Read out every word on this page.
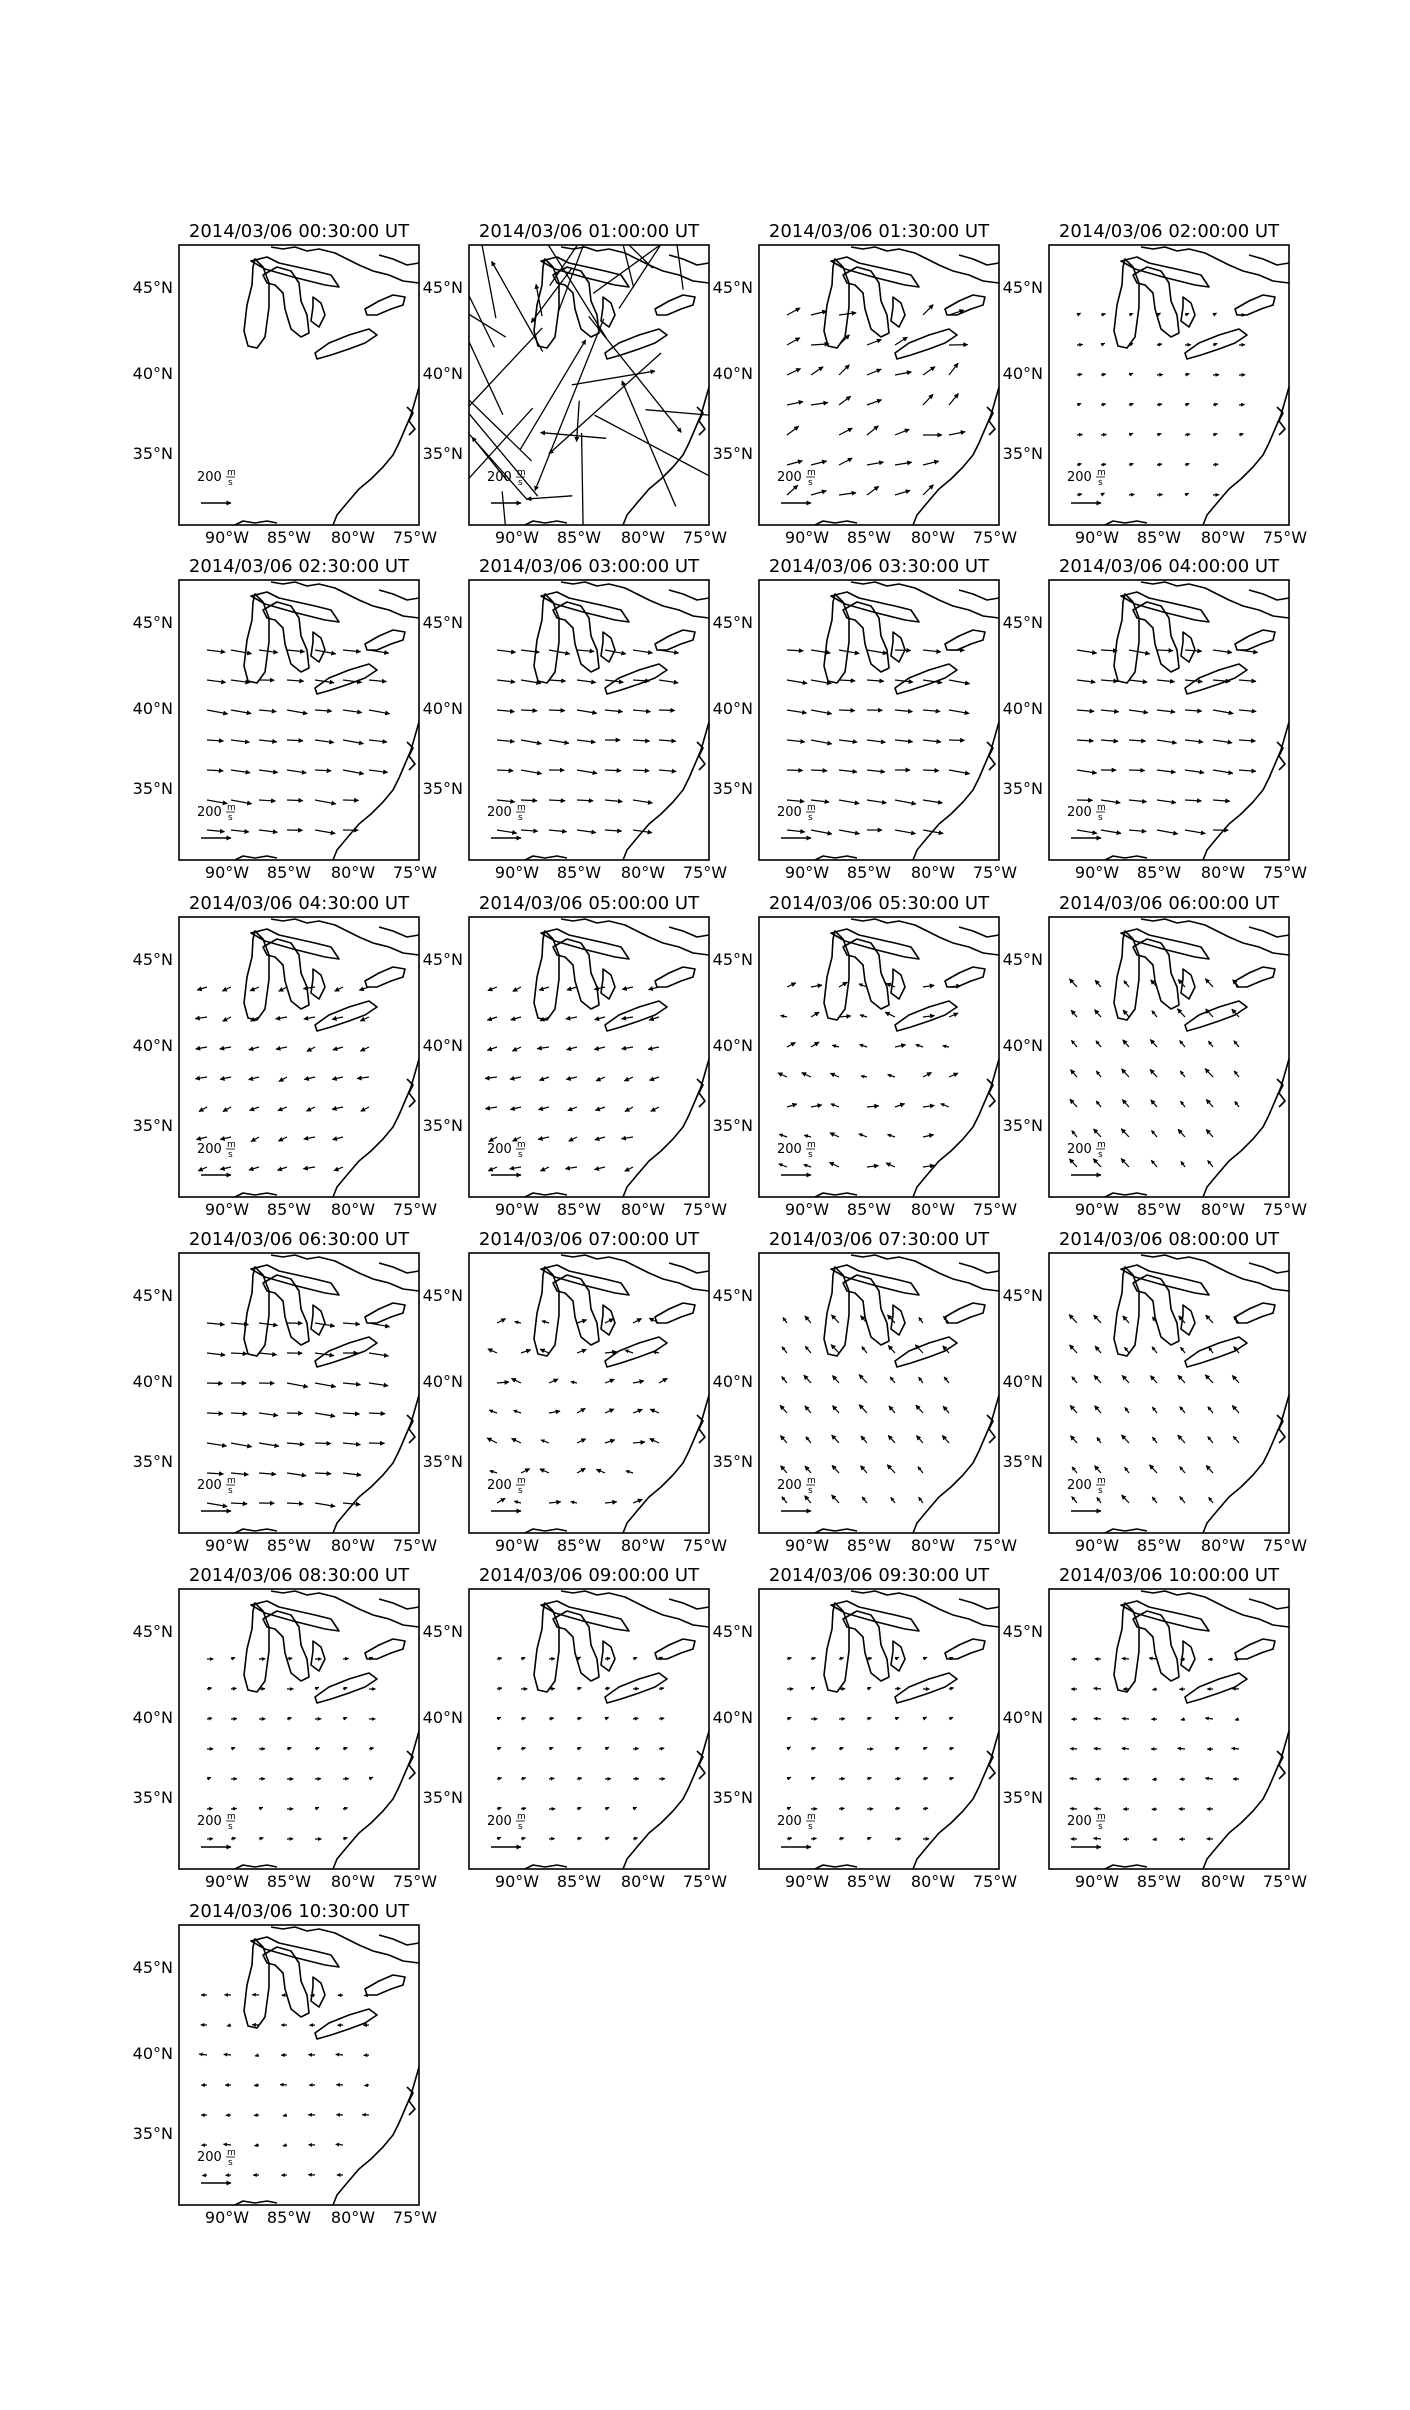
2014/03/06 00:30:00 UT
45°N
40°N
35°N
90°W 85°W 80°W 75°W
200 m
s
2014/03/06 01:00:00 UT
45°N
40°N
35°N
90°W 85°W 80°W 75°W
200 m
s
2014/03/06 01:30:00 UT
45°N
40°N
35°N
90°W 85°W 80°W 75°W
200 m
s
2014/03/06 02:00:00 UT
45°N
40°N
35°N
90°W 85°W 80°W 75°W
200 m
s
2014/03/06 02:30:00 UT
45°N
40°N
35°N
90°W 85°W 80°W 75°W
200 m
s
2014/03/06 03:00:00 UT
45°N
40°N
35°N
90°W 85°W 80°W 75°W
200 m
s
2014/03/06 03:30:00 UT
45°N
40°N
35°N
90°W 85°W 80°W 75°W
200 m
s
2014/03/06 04:00:00 UT
45°N
40°N
35°N
90°W 85°W 80°W 75°W
200 m
s
2014/03/06 04:30:00 UT
45°N
40°N
35°N
90°W 85°W 80°W 75°W
200 m
s
2014/03/06 05:00:00 UT
45°N
40°N
35°N
90°W 85°W 80°W 75°W
200 m
s
2014/03/06 05:30:00 UT
45°N
40°N
35°N
90°W 85°W 80°W 75°W
200 m
s
2014/03/06 06:00:00 UT
45°N
40°N
35°N
90°W 85°W 80°W 75°W
200 m
s
2014/03/06 06:30:00 UT
45°N
40°N
35°N
90°W 85°W 80°W 75°W
200 m
s
2014/03/06 07:00:00 UT
45°N
40°N
35°N
90°W 85°W 80°W 75°W
200 m
s
2014/03/06 07:30:00 UT
45°N
40°N
35°N
90°W 85°W 80°W 75°W
200 m
s
2014/03/06 08:00:00 UT
45°N
40°N
35°N
90°W 85°W 80°W 75°W
200 m
s
2014/03/06 08:30:00 UT
45°N
40°N
35°N
90°W 85°W 80°W 75°W
200 m
s
2014/03/06 09:00:00 UT
45°N
40°N
35°N
90°W 85°W 80°W 75°W
200 m
s
2014/03/06 09:30:00 UT
45°N
40°N
35°N
90°W 85°W 80°W 75°W
200 m
s
2014/03/06 10:00:00 UT
45°N
40°N
35°N
90°W 85°W 80°W 75°W
200 m
s
2014/03/06 10:30:00 UT
45°N
40°N
35°N
90°W 85°W 80°W 75°W
200 m
s
